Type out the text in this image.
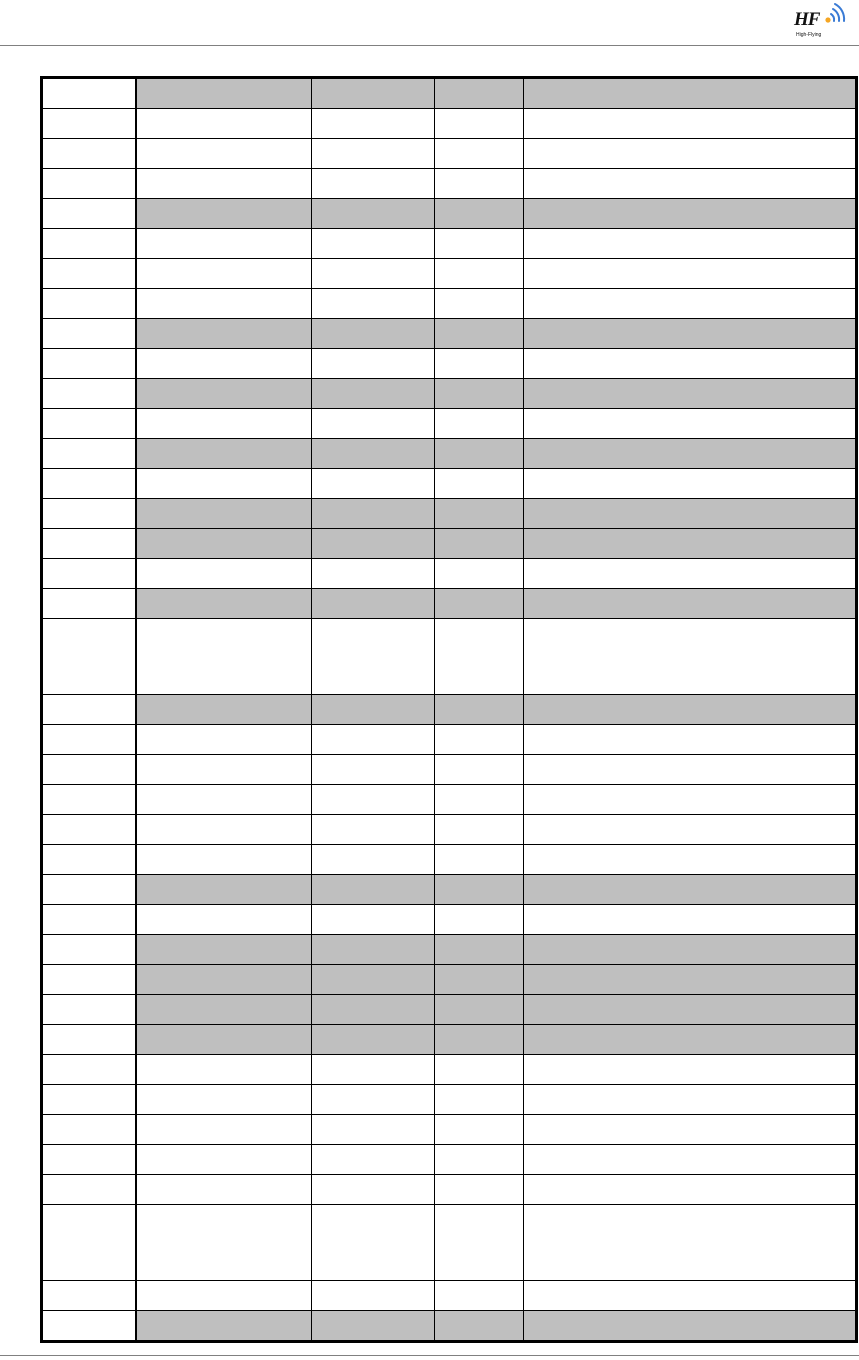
HF
High-Flying
